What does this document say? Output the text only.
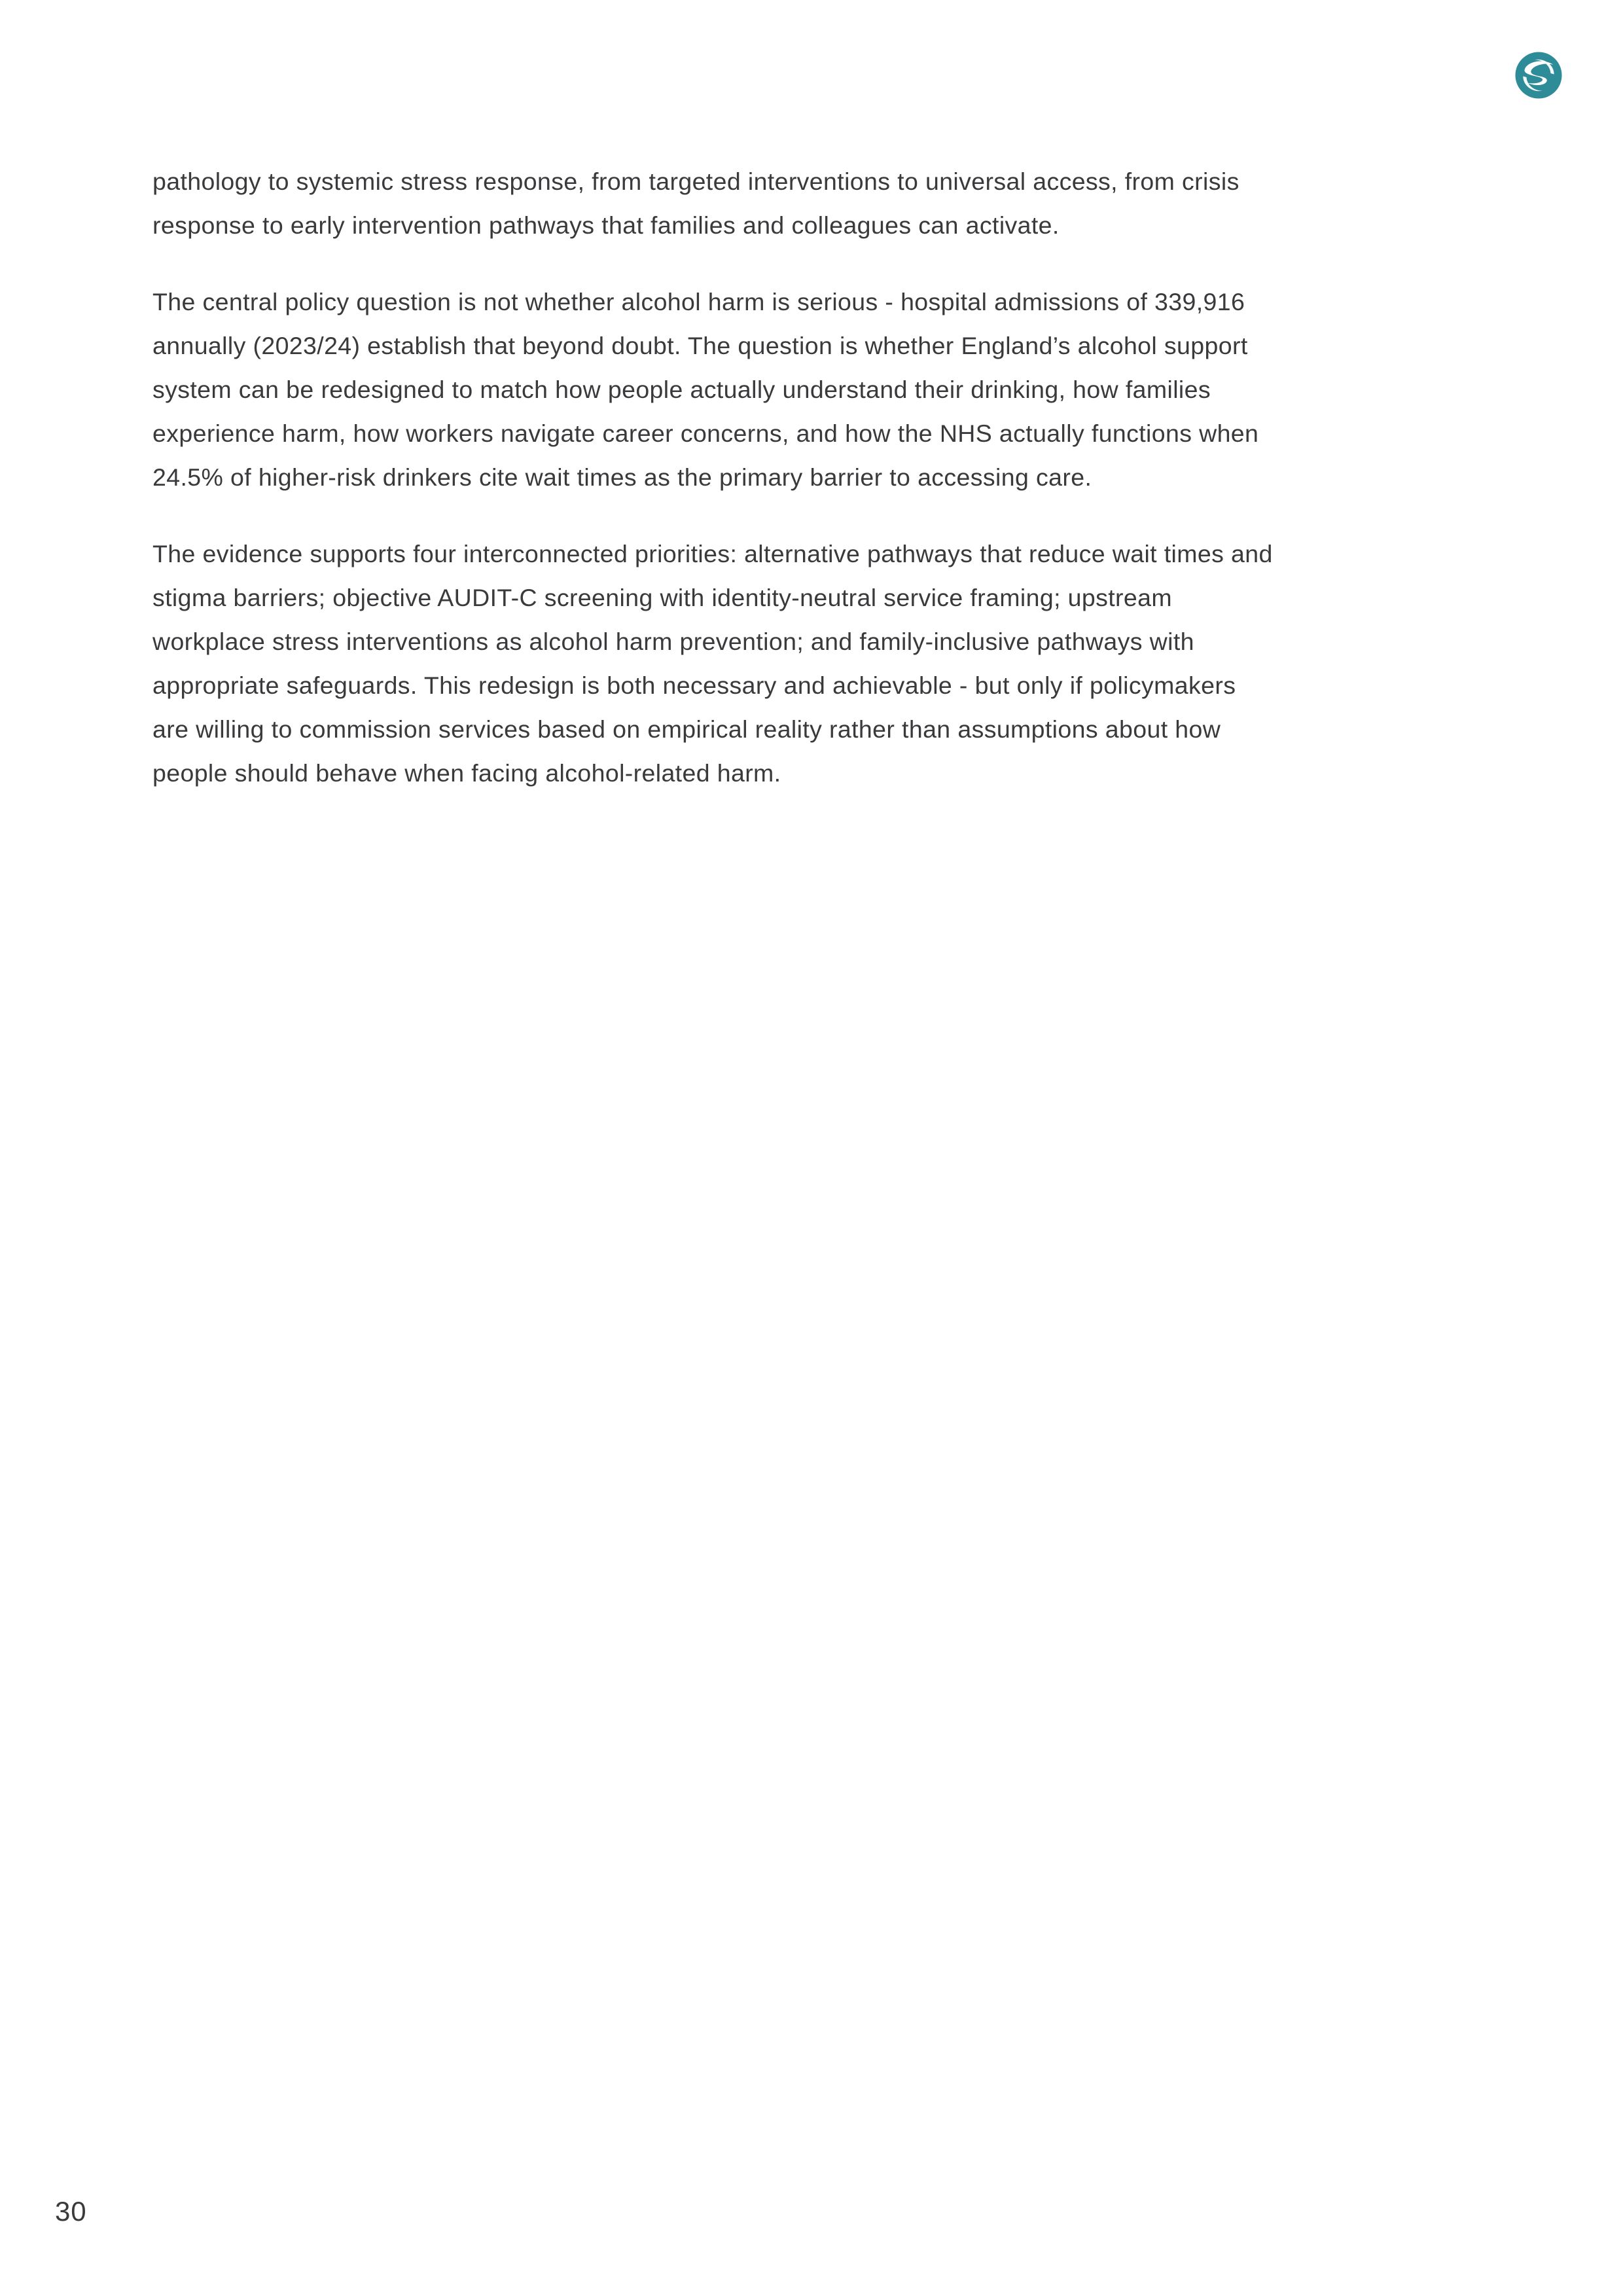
pathology to systemic stress response, from targeted interventions to universal access, from crisis response to early intervention pathways that families and colleagues can activate.

The central policy question is not whether alcohol harm is serious - hospital admissions of 339,916 annually (2023/24) establish that beyond doubt. The question is whether England’s alcohol support system can be redesigned to match how people actually understand their drinking, how families experience harm, how workers navigate career concerns, and how the NHS actually functions when 24.5% of higher-risk drinkers cite wait times as the primary barrier to accessing care.

The evidence supports four interconnected priorities: alternative pathways that reduce wait times and stigma barriers; objective AUDIT-C screening with identity-neutral service framing; upstream workplace stress interventions as alcohol harm prevention; and family-inclusive pathways with appropriate safeguards. This redesign is both necessary and achievable - but only if policymakers are willing to commission services based on empirical reality rather than assumptions about how people should behave when facing alcohol-related harm.

30
